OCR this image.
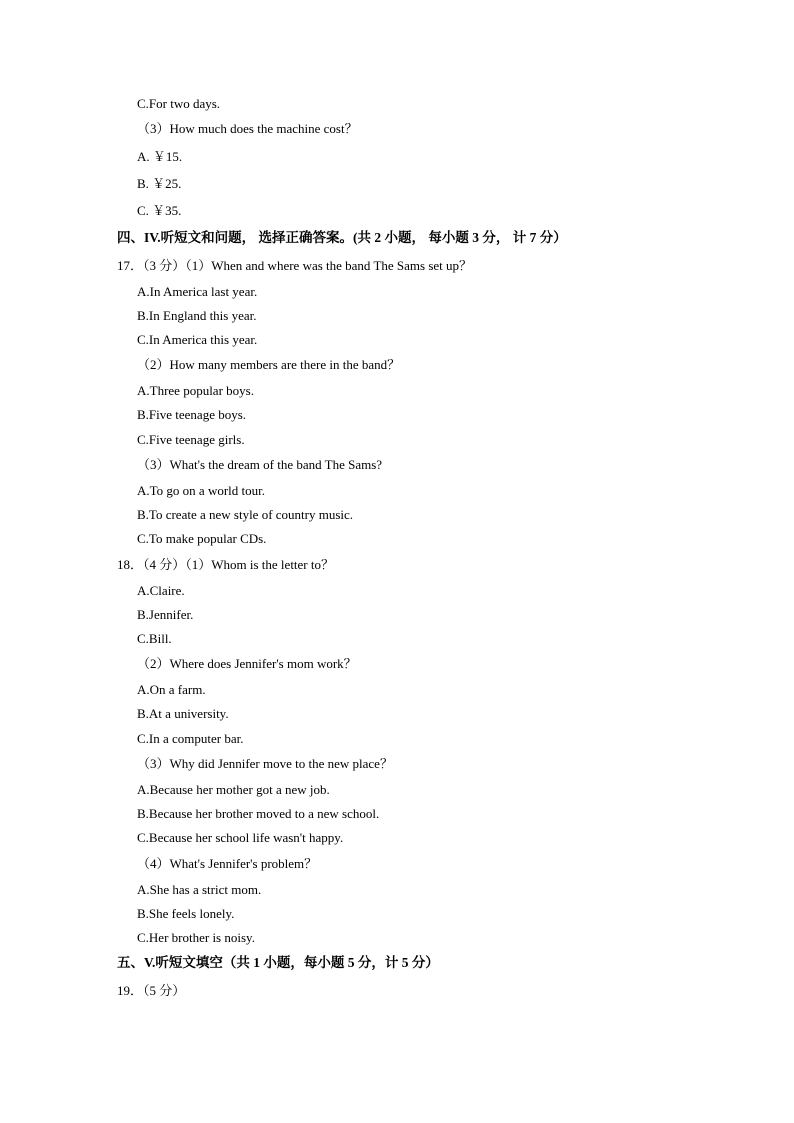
C.For two days.
（3）How much does the machine cost？
A. ￥15.
B. ￥25.
C. ￥35.
四、IV.听短文和问题， 选择正确答案。(共 2 小题， 每小题 3 分， 计 7 分）
17．（3 分）（1）When and where was the band The Sams set up？
A.In America last year.
B.In England this year.
C.In America this year.
（2）How many members are there in the band？
A.Three popular boys.
B.Five teenage boys.
C.Five teenage girls.
（3）What's the dream of the band The Sams?
A.To go on a world tour.
B.To create a new style of country music.
C.To make popular CDs.
18．（4 分）（1）Whom is the letter to？
A.Claire.
B.Jennifer.
C.Bill.
（2）Where does Jennifer's mom work？
A.On a farm.
B.At a university.
C.In a computer bar.
（3）Why did Jennifer move to the new place？
A.Because her mother got a new job.
B.Because her brother moved to a new school.
C.Because her school life wasn't happy.
（4）What's Jennifer's problem？
A.She has a strict mom.
B.She feels lonely.
C.Her brother is noisy.
五、V.听短文填空（共 1 小题，每小题 5 分，计 5 分）
19．（5 分）
